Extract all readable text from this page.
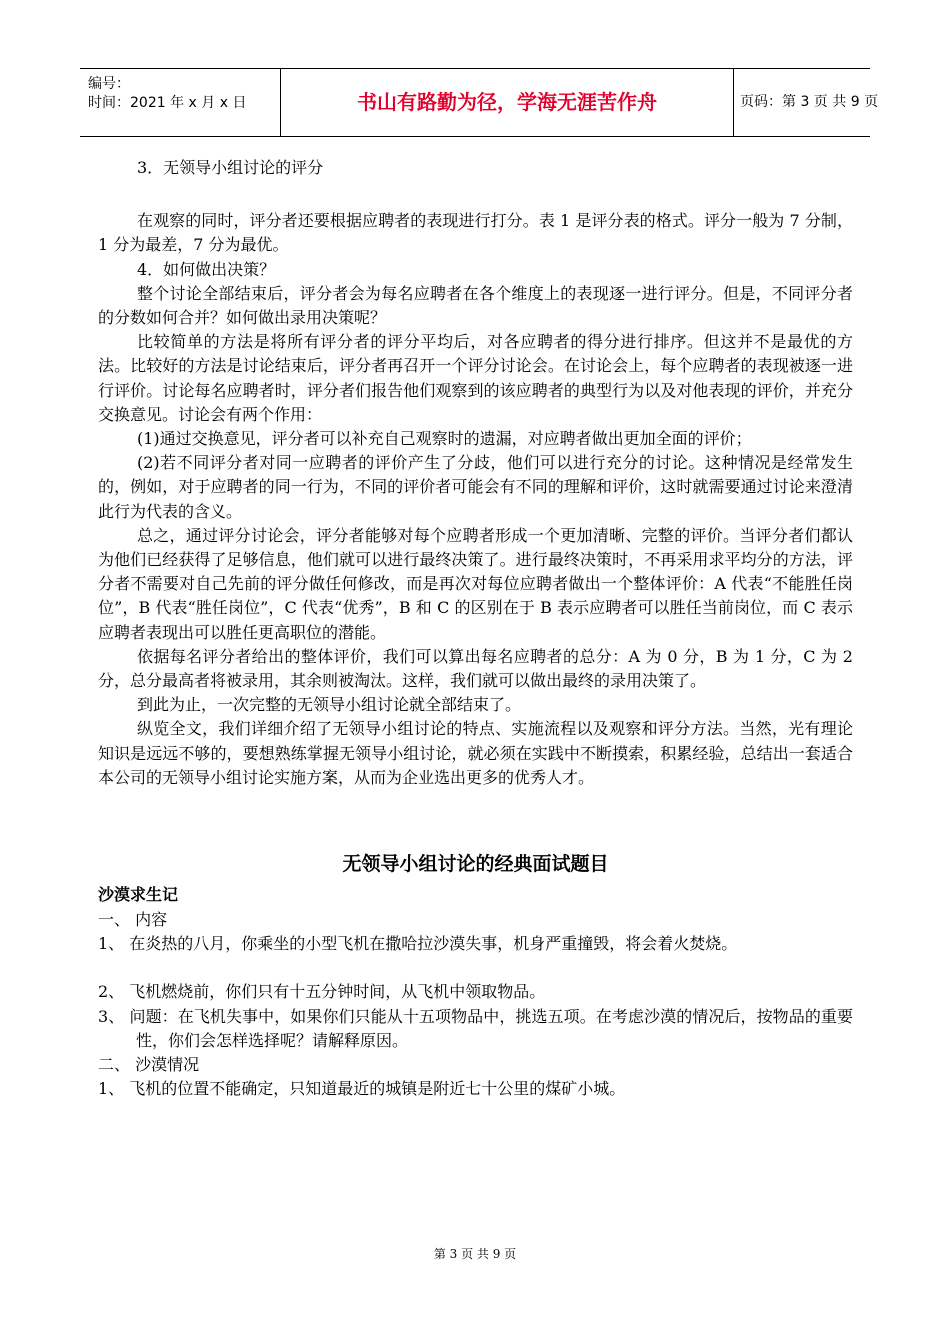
编号：
时间：2021 年 x 月 x 日	书山有路勤为径，学海无涯苦作舟	页码：第 3 页 共 9 页

3．无领导小组讨论的评分

在观察的同时，评分者还要根据应聘者的表现进行打分。表 1 是评分表的格式。评分一般为 7 分制，1 分为最差，7 分为最优。

4．如何做出决策？

整个讨论全部结束后，评分者会为每名应聘者在各个维度上的表现逐一进行评分。但是，不同评分者的分数如何合并？如何做出录用决策呢？

比较简单的方法是将所有评分者的评分平均后，对各应聘者的得分进行排序。但这并不是最优的方法。比较好的方法是讨论结束后，评分者再召开一个评分讨论会。在讨论会上，每个应聘者的表现被逐一进行评价。讨论每名应聘者时，评分者们报告他们观察到的该应聘者的典型行为以及对他表现的评价，并充分交换意见。讨论会有两个作用：

(1)通过交换意见，评分者可以补充自己观察时的遗漏，对应聘者做出更加全面的评价；

(2)若不同评分者对同一应聘者的评价产生了分歧，他们可以进行充分的讨论。这种情况是经常发生的，例如，对于应聘者的同一行为，不同的评价者可能会有不同的理解和评价，这时就需要通过讨论来澄清此行为代表的含义。

总之，通过评分讨论会，评分者能够对每个应聘者形成一个更加清晰、完整的评价。当评分者们都认为他们已经获得了足够信息，他们就可以进行最终决策了。进行最终决策时，不再采用求平均分的方法，评分者不需要对自己先前的评分做任何修改，而是再次对每位应聘者做出一个整体评价：A 代表“不能胜任岗位”，B 代表“胜任岗位”，C 代表“优秀”，B 和 C 的区别在于 B 表示应聘者可以胜任当前岗位，而 C 表示应聘者表现出可以胜任更高职位的潜能。

依据每名评分者给出的整体评价，我们可以算出每名应聘者的总分：A 为 0 分，B 为 1 分，C 为 2 分，总分最高者将被录用，其余则被淘汰。这样，我们就可以做出最终的录用决策了。

到此为止，一次完整的无领导小组讨论就全部结束了。

纵览全文，我们详细介绍了无领导小组讨论的特点、实施流程以及观察和评分方法。当然，光有理论知识是远远不够的，要想熟练掌握无领导小组讨论，就必须在实践中不断摸索，积累经验，总结出一套适合本公司的无领导小组讨论实施方案，从而为企业选出更多的优秀人才。

无领导小组讨论的经典面试题目

沙漠求生记

一、 内容

1、 在炎热的八月，你乘坐的小型飞机在撒哈拉沙漠失事，机身严重撞毁，将会着火焚烧。

2、 飞机燃烧前，你们只有十五分钟时间，从飞机中领取物品。

3、 问题：在飞机失事中，如果你们只能从十五项物品中，挑选五项。在考虑沙漠的情况后，按物品的重要性，你们会怎样选择呢？请解释原因。

二、 沙漠情况

1、 飞机的位置不能确定，只知道最近的城镇是附近七十公里的煤矿小城。

第 3 页 共 9 页
